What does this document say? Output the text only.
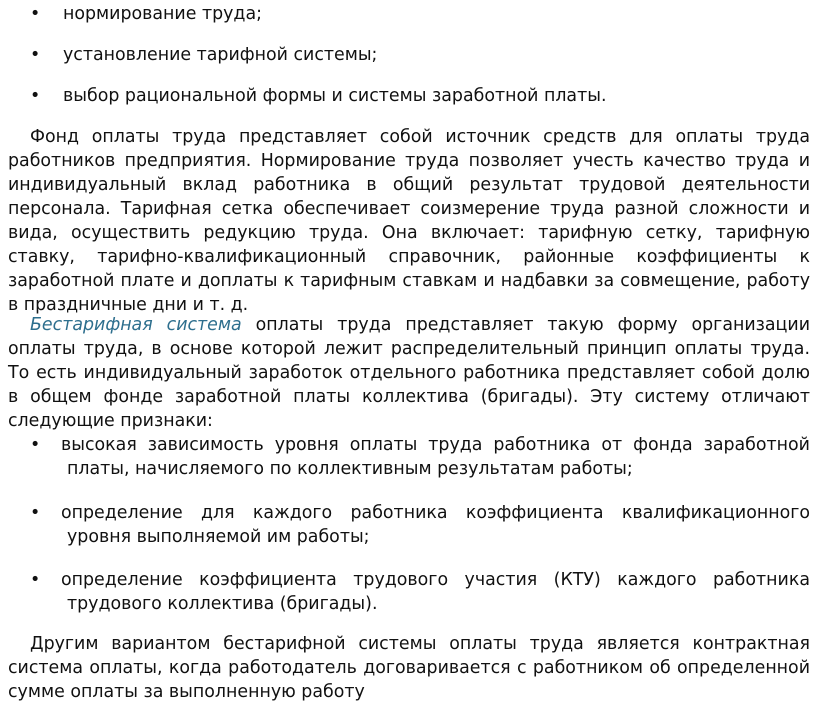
• нормирование труда;
• установление тарифной системы;
• выбор рациональной формы и системы заработной платы.

Фонд оплаты труда представляет собой источник средств для оплаты труда работников предприятия. Нормирование труда позволяет учесть качество труда и индивидуальный вклад работника в общий результат трудовой деятельности персонала. Тарифная сетка обеспечивает соизмерение труда разной сложности и вида, осуществить редукцию труда. Она включает: тарифную сетку, тарифную ставку, тарифно-квалификационный справочник, районные коэффициенты к заработной плате и доплаты к тарифным ставкам и надбавки за совмещение, работу в праздничные дни и т. д.

Бестарифная система оплаты труда представляет такую форму организации оплаты труда, в основе которой лежит распределительный принцип оплаты труда. То есть индивидуальный заработок отдельного работника представляет собой долю в общем фонде заработной платы коллектива (бригады). Эту систему отличают следующие признаки:

• высокая зависимость уровня оплаты труда работника от фонда заработной платы, начисляемого по коллективным результатам работы;
• определение для каждого работника коэффициента квалификационного уровня выполняемой им работы;
• определение коэффициента трудового участия (КТУ) каждого работника трудового коллектива (бригады).

Другим вариантом бестарифной системы оплаты труда является контрактная система оплаты, когда работодатель договаривается с работником об определенной сумме оплаты за выполненную работу
